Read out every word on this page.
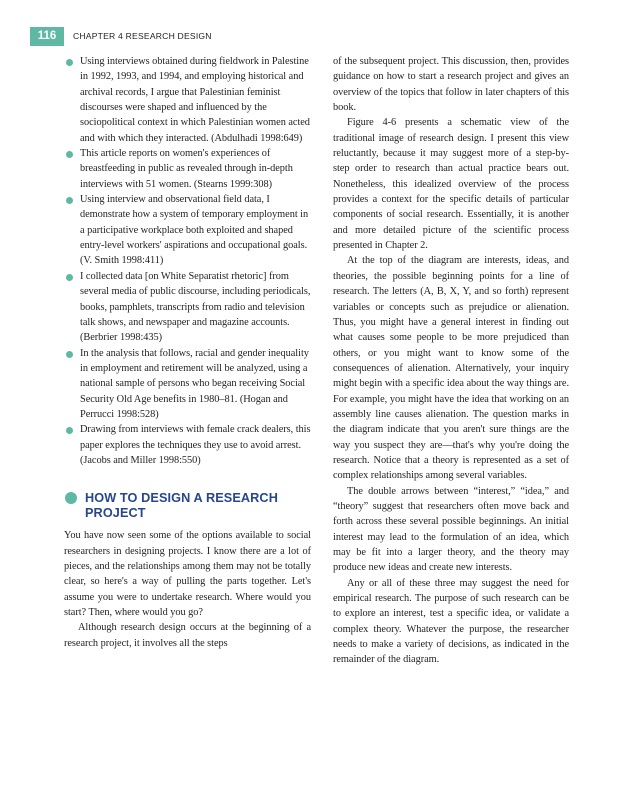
116	CHAPTER 4 RESEARCH DESIGN
Using interviews obtained during fieldwork in Palestine in 1992, 1993, and 1994, and employing historical and archival records, I argue that Palestinian feminist discourses were shaped and influenced by the sociopolitical context in which Palestinian women acted and with which they interacted. (Abdulhadi 1998:649)
This article reports on women's experiences of breastfeeding in public as revealed through in-depth interviews with 51 women. (Stearns 1999:308)
Using interview and observational field data, I demonstrate how a system of temporary employment in a participative workplace both exploited and shaped entry-level workers' aspirations and occupational goals. (V. Smith 1998:411)
I collected data [on White Separatist rhetoric] from several media of public discourse, including periodicals, books, pamphlets, transcripts from radio and television talk shows, and newspaper and magazine accounts. (Berbrier 1998:435)
In the analysis that follows, racial and gender inequality in employment and retirement will be analyzed, using a national sample of persons who began receiving Social Security Old Age benefits in 1980–81. (Hogan and Perrucci 1998:528)
Drawing from interviews with female crack dealers, this paper explores the techniques they use to avoid arrest. (Jacobs and Miller 1998:550)
HOW TO DESIGN A RESEARCH PROJECT

You have now seen some of the options available to social researchers in designing projects. I know there are a lot of pieces, and the relationships among them may not be totally clear, so here's a way of pulling the parts together. Let's assume you were to undertake research. Where would you start? Then, where would you go?

Although research design occurs at the beginning of a research project, it involves all the steps

of the subsequent project. This discussion, then, provides guidance on how to start a research project and gives an overview of the topics that follow in later chapters of this book.

Figure 4-6 presents a schematic view of the traditional image of research design. I present this view reluctantly, because it may suggest more of a step-by-step order to research than actual practice bears out. Nonetheless, this idealized overview of the process provides a context for the specific details of particular components of social research. Essentially, it is another and more detailed picture of the scientific process presented in Chapter 2.

At the top of the diagram are interests, ideas, and theories, the possible beginning points for a line of research. The letters (A, B, X, Y, and so forth) represent variables or concepts such as prejudice or alienation. Thus, you might have a general interest in finding out what causes some people to be more prejudiced than others, or you might want to know some of the consequences of alienation. Alternatively, your inquiry might begin with a specific idea about the way things are. For example, you might have the idea that working on an assembly line causes alienation. The question marks in the diagram indicate that you aren't sure things are the way you suspect they are—that's why you're doing the research. Notice that a theory is represented as a set of complex relationships among several variables.

The double arrows between “interest,” “idea,” and “theory” suggest that researchers often move back and forth across these several possible beginnings. An initial interest may lead to the formulation of an idea, which may be fit into a larger theory, and the theory may produce new ideas and create new interests.

Any or all of these three may suggest the need for empirical research. The purpose of such research can be to explore an interest, test a specific idea, or validate a complex theory. Whatever the purpose, the researcher needs to make a variety of decisions, as indicated in the remainder of the diagram.
